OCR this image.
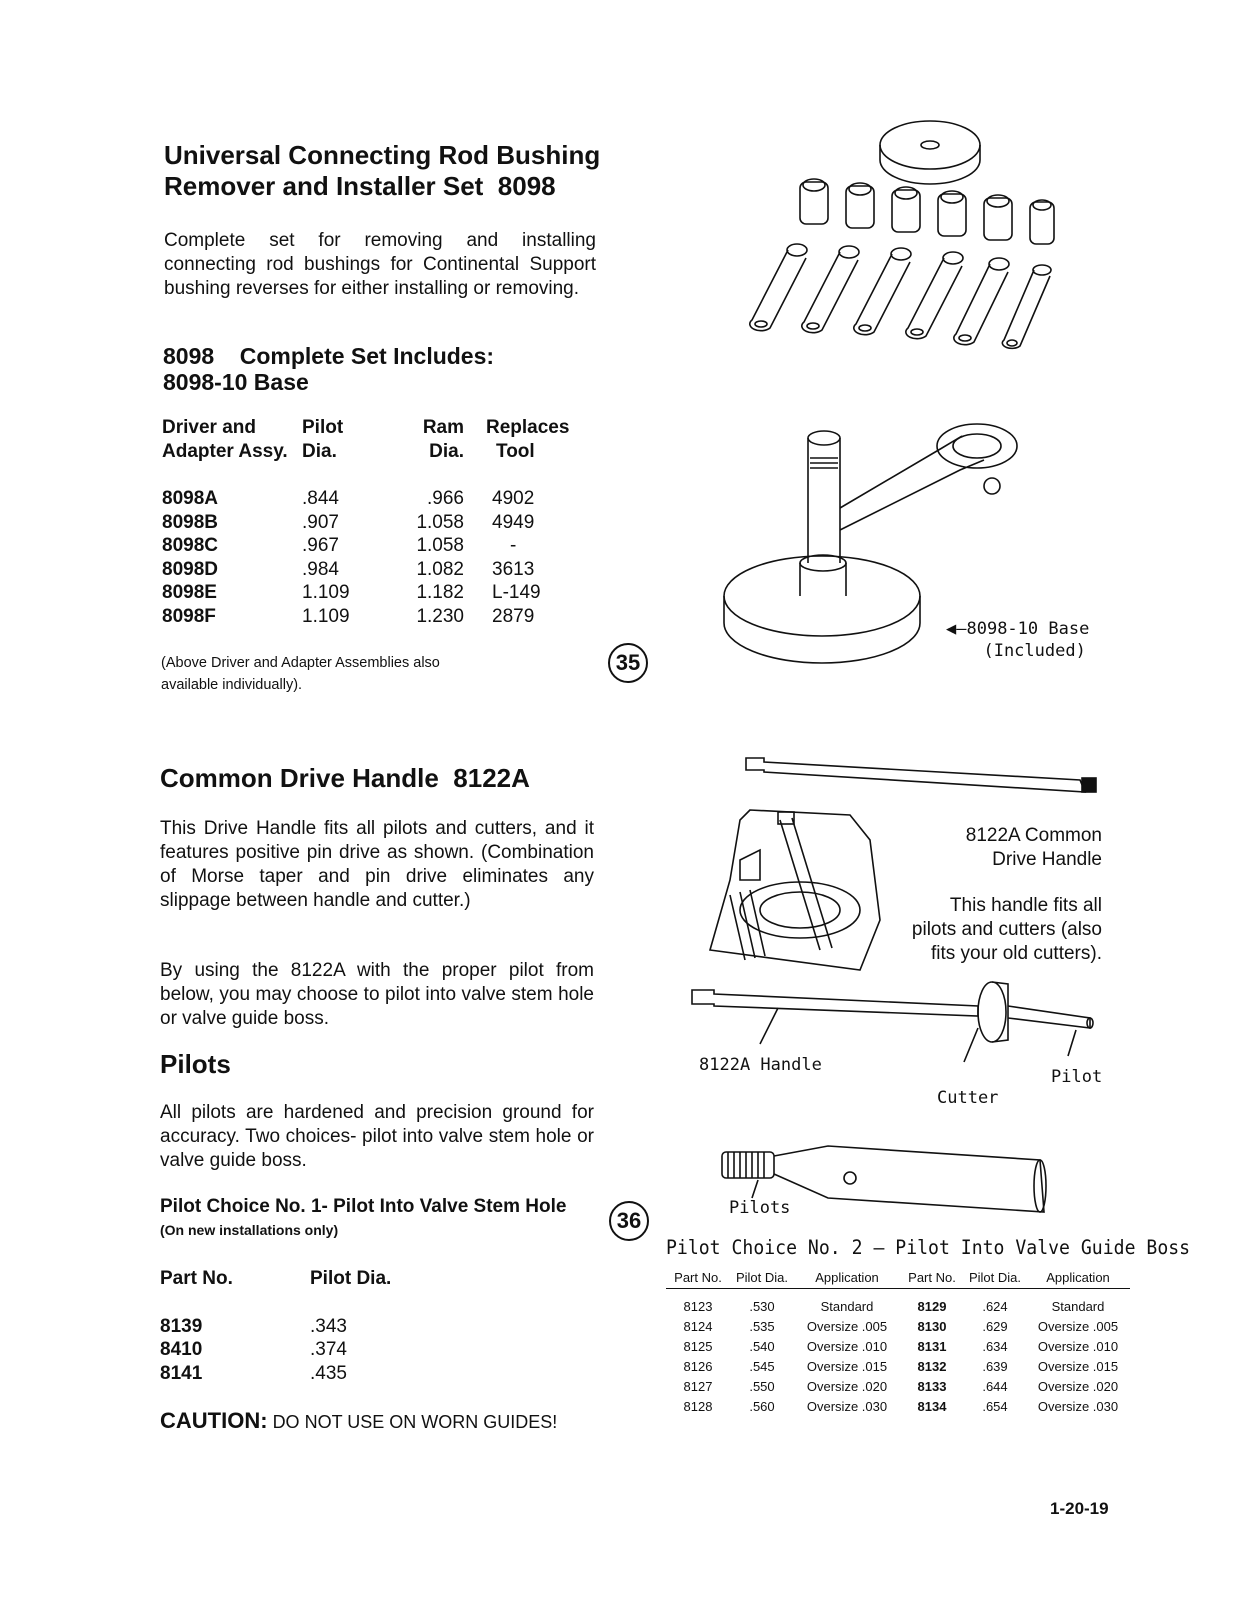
Universal Connecting Rod Bushing
Remover and Installer Set  8098
Complete set for removing and installing connecting rod bushings for Continental Support bushing reverses for either installing or removing.
8098    Complete Set Includes:
8098-10 Base
Driver and	Pilot	Ram	Replaces
Adapter Assy.	Dia.	Dia.	Tool

8098A	.844	.966	4902
8098B	.907	1.058	4949
8098C	.967	1.058	-
8098D	.984	1.082	3613
8098E	1.109	1.182	L-149
8098F	1.109	1.230	2879
(Above Driver and Adapter Assemblies also
available individually).
35
◀—8098-10 Base
(Included)
Common Drive Handle  8122A
This Drive Handle fits all pilots and cutters, and it features positive pin drive as shown. (Combination of Morse taper and pin drive eliminates any slippage between handle and cutter.)
By using the 8122A with the proper pilot from below, you may choose to pilot into valve stem hole or valve guide boss.
Pilots
All pilots are hardened and precision ground for accuracy. Two choices- pilot into valve stem hole or valve guide boss.
Pilot Choice No. 1- Pilot Into Valve Stem Hole
(On new installations only)
Part No.	Pilot Dia.

8139	.343
8410	.374
8141	.435
CAUTION: DO NOT USE ON WORN GUIDES!
36
8122A Common
Drive Handle
This handle fits all
pilots and cutters (also
fits your old cutters).
8122A Handle
Cutter
Pilot
Pilots
Pilot Choice No. 2 — Pilot Into Valve Guide Boss
Part No.	Pilot Dia.	Application	Part No.	Pilot Dia.	Application

8123	.530	Standard	8129	.624	Standard
8124	.535	Oversize .005	8130	.629	Oversize .005
8125	.540	Oversize .010	8131	.634	Oversize .010
8126	.545	Oversize .015	8132	.639	Oversize .015
8127	.550	Oversize .020	8133	.644	Oversize .020
8128	.560	Oversize .030	8134	.654	Oversize .030
1-20-19
